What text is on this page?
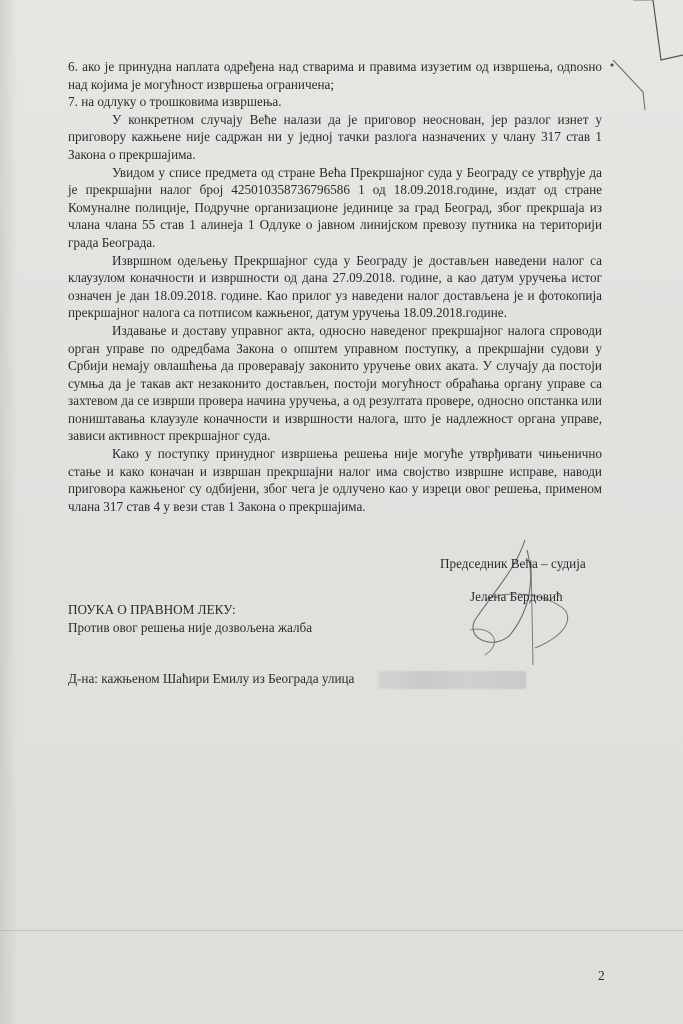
6. ако је принудна наплата одређена над стварима и правима изузетим од извршења, одnosно над којима је могућност извршења ограничена;

7. на одлуку о трошковима извршења.

У конкретном случају Веће налази да је приговор неоснован, јер разлог изнет у приговору кажњене није садржан ни у једној тачки разлога назначених у члану 317 став 1 Закона о прекршајима.

Увидом у списе предмета од стране Већа Прекршајног суда у Београду се утврђује да је прекршајни налог број 425010358736796586 1 од 18.09.2018.године, издат од стране Комуналне полиције, Подручне организационе јединице за град Београд, због прекршаја из члана члана 55 став 1 алинеја 1 Одлуке о јавном линијском превозу путника на територији града Београда.

Извршном одељењу Прекршајног суда у Београду је достављен наведени налог са клаузулом коначности и извршности од дана 27.09.2018. године, а као датум уручења истог означен је дан 18.09.2018. године. Као прилог уз наведени налог достављена је и фотокопија прекршајног налога са потписом кажњеног, датум уручења 18.09.2018.године.

Издавање и доставу управног акта, односно наведеног прекршајног налога спроводи орган управе по одредбама Закона о општем управном поступку, а прекршајни судови у Србији немају овлашћења да проверавају законито уручење ових аката. У случају да постоји сумња да је такав акт незаконито достављен, постоји могућност обраћања органу управе са захтевом да се изврши провера начина уручења, а од резултата провере, односно опстанка или поништавања клаузуле коначности и извршности налога, што је надлежност органа управе, зависи активност прекршајног суда.

Како у поступку принудног извршења решења није могуће утврђивати чињенично стање и како коначан и извршан прекршајни налог има својство извршне исправе, наводи приговора кажњеног су одбијени, због чега је одлучено као у изреци овог решења, применом члана 317 став 4 у вези став 1 Закона о прекршајима.

Председник Већа – судија
Јелена Бердовић
ПОУКА О ПРАВНОМ ЛЕКУ:
Против овог решења није дозвољена жалба
Д-на: кажњеном Шаћири Емилу из Београда улица
2
